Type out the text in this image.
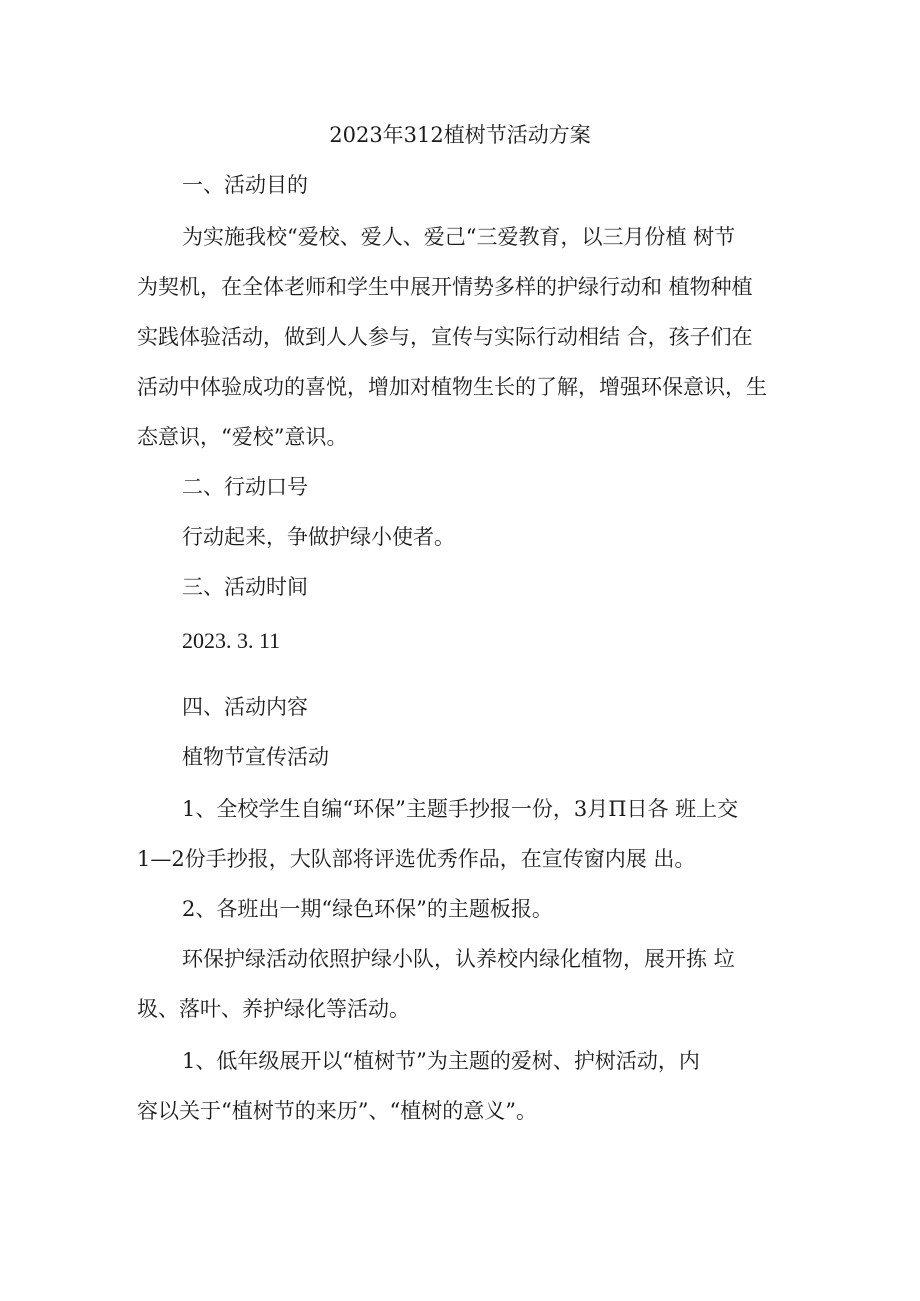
2023年312植树节活动方案
一、活动目的
为实施我校“爱校、爱人、爱己“三爱教育，以三月份植 树节
为契机，在全体老师和学生中展开情势多样的护绿行动和 植物种植
实践体验活动，做到人人参与，宣传与实际行动相结 合，孩子们在
活动中体验成功的喜悦，增加对植物生长的了解，增强环保意识，生
态意识，“爱校”意识。
二、行动口号
行动起来，争做护绿小使者。
三、活动时间
2023. 3. 11
四、活动内容
植物节宣传活动
1、全校学生自编“环保”主题手抄报一份，3月Π日各 班上交
1—2份手抄报，大队部将评选优秀作品，在宣传窗内展 出。
2、各班出一期“绿色环保”的主题板报。
环保护绿活动依照护绿小队，认养校内绿化植物，展开拣 垃
圾、落叶、养护绿化等活动。
1、低年级展开以“植树节”为主题的爱树、护树活动，内
容以关于“植树节的来历”、“植树的意义”。
